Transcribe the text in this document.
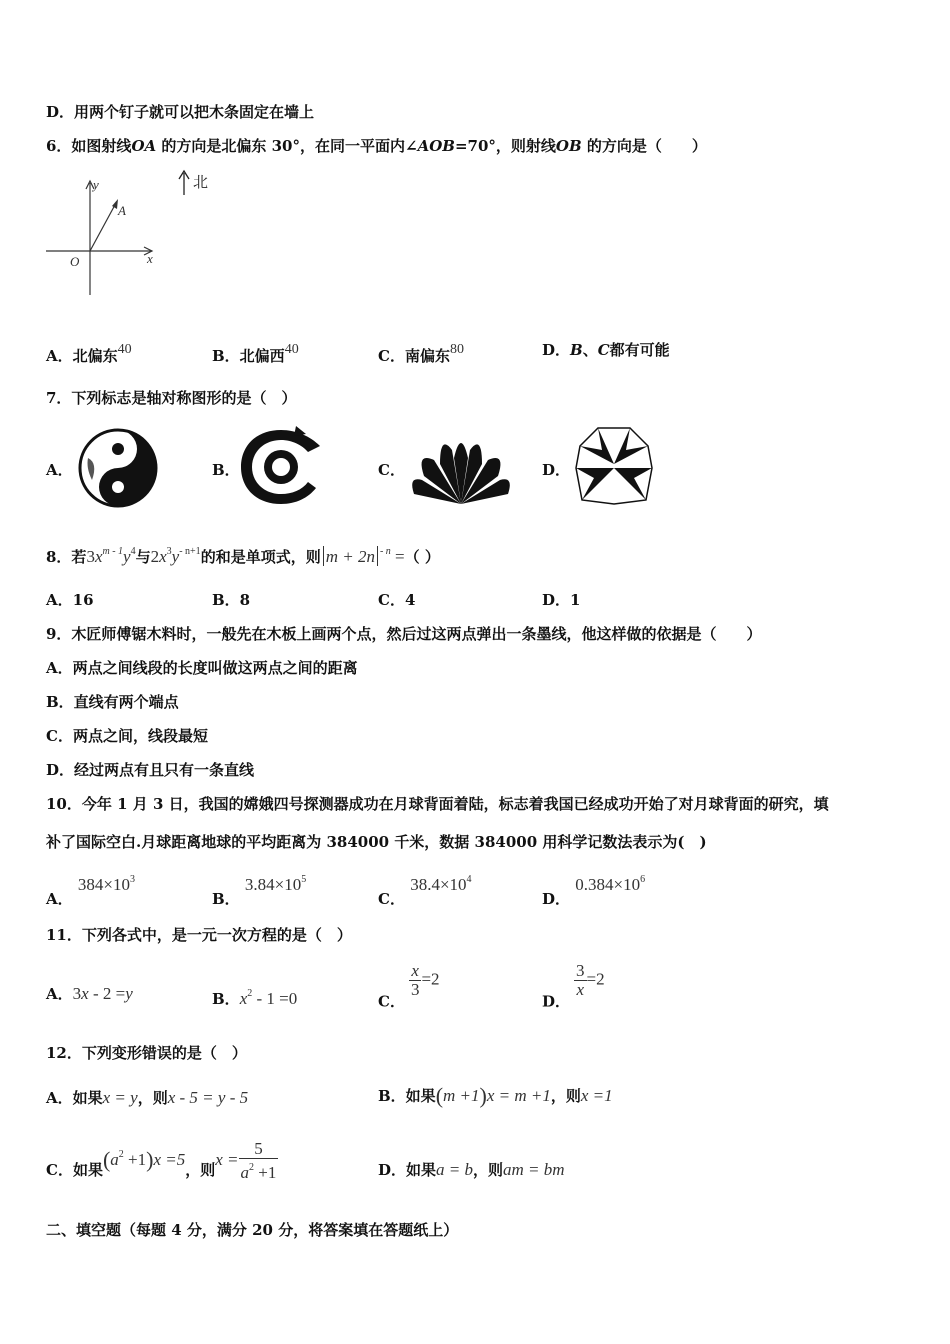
D．用两个钉子就可以把木条固定在墙上
6．如图射线OA 的方向是北偏东 30°，在同一平面内∠AOB=70°，则射线OB 的方向是（　　）
北
y
x
A
O
A．北偏东$^{40}$	B．北偏西$^{40}$	C．南偏东$^{80}$	D．B、C都有可能
7．下列标志是轴对称图形的是（　）
A．	B．	C．	D．
8．若$3x^{m - 1}y^4$与$2x^3y^{- n+1}$的和是单项式，则 m + 2n $^{- n}$ =（ ）
A．16	B．8	C．4	D．1
9．木匠师傅锯木料时，一般先在木板上画两个点，然后过这两点弹出一条墨线，他这样做的依据是（　　）
A．两点之间线段的长度叫做这两点之间的距离
B．直线有两个端点
C．两点之间，线段最短
D．经过两点有且只有一条直线
10．今年 1 月 3 日，我国的嫦娥四号探测器成功在月球背面着陆，标志着我国已经成功开始了对月球背面的研究，填
补了国际空白.月球距离地球的平均距离为 384000 千米，数据 384000 用科学记数法表示为(　)
A． $384\times 10^3$
B． $3.84\times 10^5$
C． $38.4\times 10^4$
D． $0.384\times 10^6$
11．下列各式中，是一元一次方程的是（　）
A．3x - 2 =y	B．$x^2 - 1 =0$	C．
$\frac{x}{3} =2$
D．
$\frac{3}{x} =2$
12．下列变形错误的是（　）
A．如果x = y，则x - 5 = y - 5	B．如果(m +1)x = m +1，则x =1
C．如果$(a^2 +1)x =5$，则$x = \frac{5}{a^2 +1}$	D．如果a = b，则am = bm
二、填空题（每题 4 分，满分 20 分，将答案填在答题纸上）
